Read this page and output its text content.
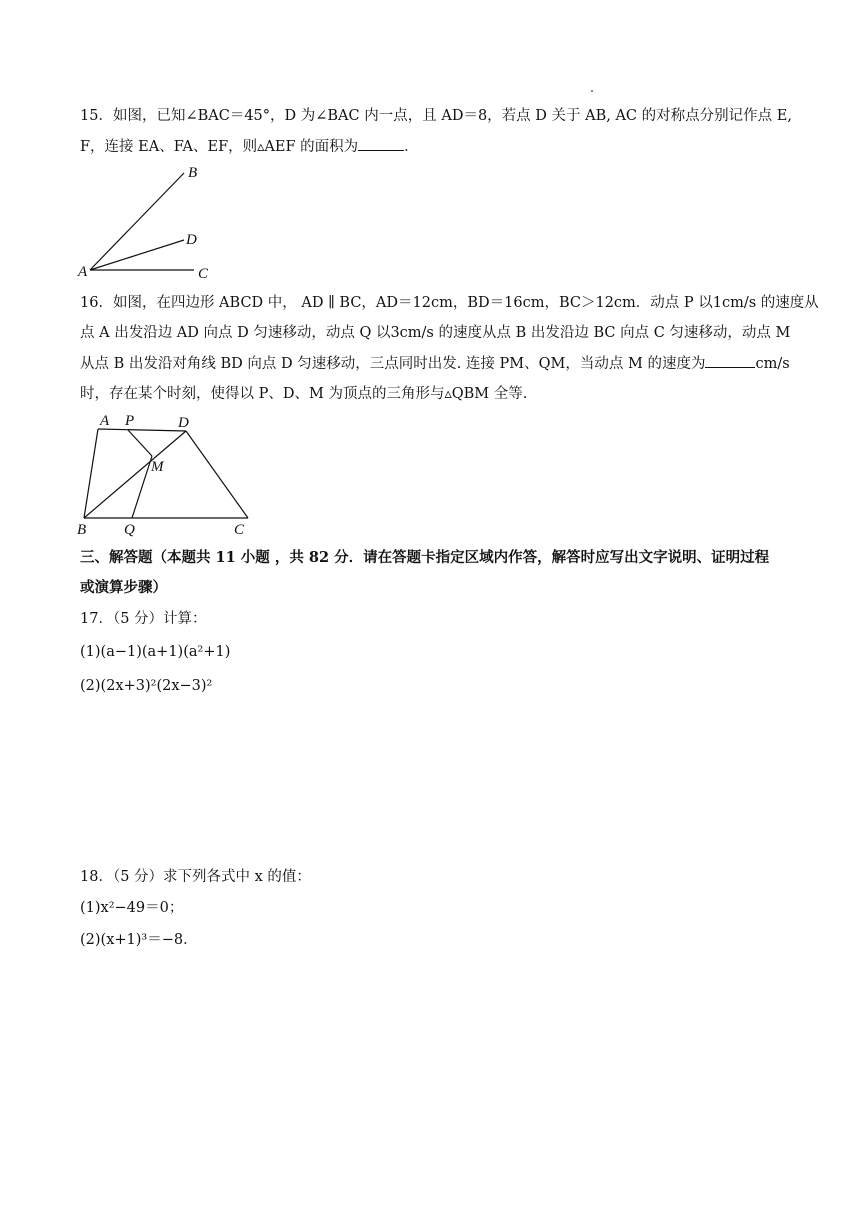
15．如图，已知∠BAC＝45°，D 为∠BAC 内一点，且 AD＝8，若点 D 关于 AB, AC 的对称点分别记作点 E,
F，连接 EA、FA、EF，则▵AEF 的面积为	．
A
B
D
C
16．如图，在四边形 ABCD 中， AD ∥ BC，AD＝12cm，BD＝16cm，BC＞12cm．动点 P 以1cm/s 的速度从
点 A 出发沿边 AD 向点 D 匀速移动，动点 Q 以3cm/s 的速度从点 B 出发沿边 BC 向点 C 匀速移动，动点 M
从点 B 出发沿对角线 BD 向点 D 匀速移动，三点同时出发. 连接 PM、QM，当动点 M 的速度为	cm/s
时，存在某个时刻，使得以 P、D、M 为顶点的三角形与▵QBM 全等.
A P	D
M
B	Q	C
三、解答题（本题共 11 小题 ，共 82 分．请在答题卡指定区域内作答，解答时应写出文字说明、证明过程
或演算步骤）
17．（5 分）计算：
(1)(a−1)(a+1)(a²+1)
(2)(2x+3)²(2x−3)²
18．（5 分）求下列各式中 x 的值：
(1)x²−49＝0；
(2)(x+1)³＝−8．
